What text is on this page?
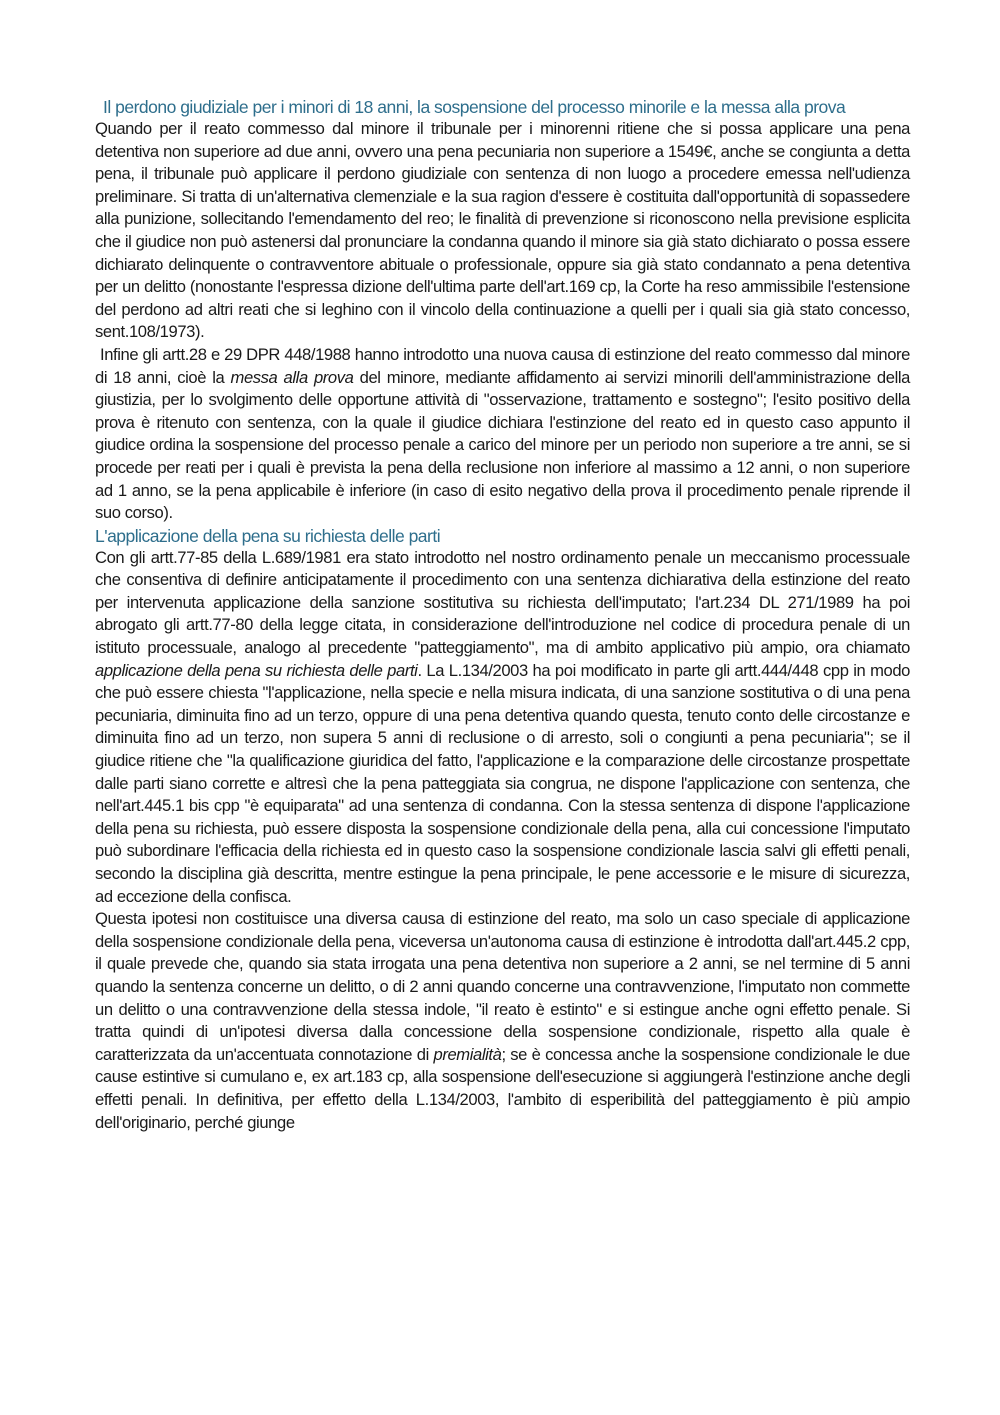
Il perdono giudiziale per i minori di 18 anni, la sospensione del processo minorile e la messa alla prova

Quando per il reato commesso dal minore il tribunale per i minorenni ritiene che si possa applicare una pena detentiva non superiore ad due anni, ovvero una pena pecuniaria non superiore a 1549€, anche se congiunta a detta pena, il tribunale può applicare il perdono giudiziale con sentenza di non luogo a procedere emessa nell'udienza preliminare. Si tratta di un'alternativa clemenziale e la sua ragion d'essere è costituita dall'opportunità di sopassedere alla punizione, sollecitando l'emendamento del reo; le finalità di prevenzione si riconoscono nella previsione esplicita che il giudice non può astenersi dal pronunciare la condanna quando il minore sia già stato dichiarato o possa essere dichiarato delinquente o contravventore abituale o professionale, oppure sia già stato condannato a pena detentiva per un delitto (nonostante l'espressa dizione dell'ultima parte dell'art.169 cp, la Corte ha reso ammissibile l'estensione del perdono ad altri reati che si leghino con il vincolo della continuazione a quelli per i quali sia già stato concesso, sent.108/1973).

Infine gli artt.28 e 29 DPR 448/1988 hanno introdotto una nuova causa di estinzione del reato commesso dal minore di 18 anni, cioè la messa alla prova del minore, mediante affidamento ai servizi minorili dell'amministrazione della giustizia, per lo svolgimento delle opportune attività di "osservazione, trattamento e sostegno"; l'esito positivo della prova è ritenuto con sentenza, con la quale il giudice dichiara l'estinzione del reato ed in questo caso appunto il giudice ordina la sospensione del processo penale a carico del minore per un periodo non superiore a tre anni, se si procede per reati per i quali è prevista la pena della reclusione non inferiore al massimo a 12 anni, o non superiore ad 1 anno, se la pena applicabile è inferiore (in caso di esito negativo della prova il procedimento penale riprende il suo corso).

L'applicazione della pena su richiesta delle parti

Con gli artt.77-85 della L.689/1981 era stato introdotto nel nostro ordinamento penale un meccanismo processuale che consentiva di definire anticipatamente il procedimento con una sentenza dichiarativa della estinzione del reato per intervenuta applicazione della sanzione sostitutiva su richiesta dell'imputato; l'art.234 DL 271/1989 ha poi abrogato gli artt.77-80 della legge citata, in considerazione dell'introduzione nel codice di procedura penale di un istituto processuale, analogo al precedente "patteggiamento", ma di ambito applicativo più ampio, ora chiamato applicazione della pena su richiesta delle parti. La L.134/2003 ha poi modificato in parte gli artt.444/448 cpp in modo che può essere chiesta "l'applicazione, nella specie e nella misura indicata, di una sanzione sostitutiva o di una pena pecuniaria, diminuita fino ad un terzo, oppure di una pena detentiva quando questa, tenuto conto delle circostanze e diminuita fino ad un terzo, non supera 5 anni di reclusione o di arresto, soli o congiunti a pena pecuniaria"; se il giudice ritiene che "la qualificazione giuridica del fatto, l'applicazione e la comparazione delle circostanze prospettate dalle parti siano corrette e altresì che la pena patteggiata sia congrua, ne dispone l'applicazione con sentenza, che nell'art.445.1 bis cpp "è equiparata" ad una sentenza di condanna. Con la stessa sentenza di dispone l'applicazione della pena su richiesta, può essere disposta la sospensione condizionale della pena, alla cui concessione l'imputato può subordinare l'efficacia della richiesta ed in questo caso la sospensione condizionale lascia salvi gli effetti penali, secondo la disciplina già descritta, mentre estingue la pena principale, le pene accessorie e le misure di sicurezza, ad eccezione della confisca.

Questa ipotesi non costituisce una diversa causa di estinzione del reato, ma solo un caso speciale di applicazione della sospensione condizionale della pena, viceversa un'autonoma causa di estinzione è introdotta dall'art.445.2 cpp, il quale prevede che, quando sia stata irrogata una pena detentiva non superiore a 2 anni, se nel termine di 5 anni quando la sentenza concerne un delitto, o di 2 anni quando concerne una contravvenzione, l'imputato non commette un delitto o una contravvenzione della stessa indole, "il reato è estinto" e si estingue anche ogni effetto penale. Si tratta quindi di un'ipotesi diversa dalla concessione della sospensione condizionale, rispetto alla quale è caratterizzata da un'accentuata connotazione di premialità; se è concessa anche la sospensione condizionale le due cause estintive si cumulano e, ex art.183 cp, alla sospensione dell'esecuzione si aggiungerà l'estinzione anche degli effetti penali. In definitiva, per effetto della L.134/2003, l'ambito di esperibilità del patteggiamento è più ampio dell'originario, perché giunge
